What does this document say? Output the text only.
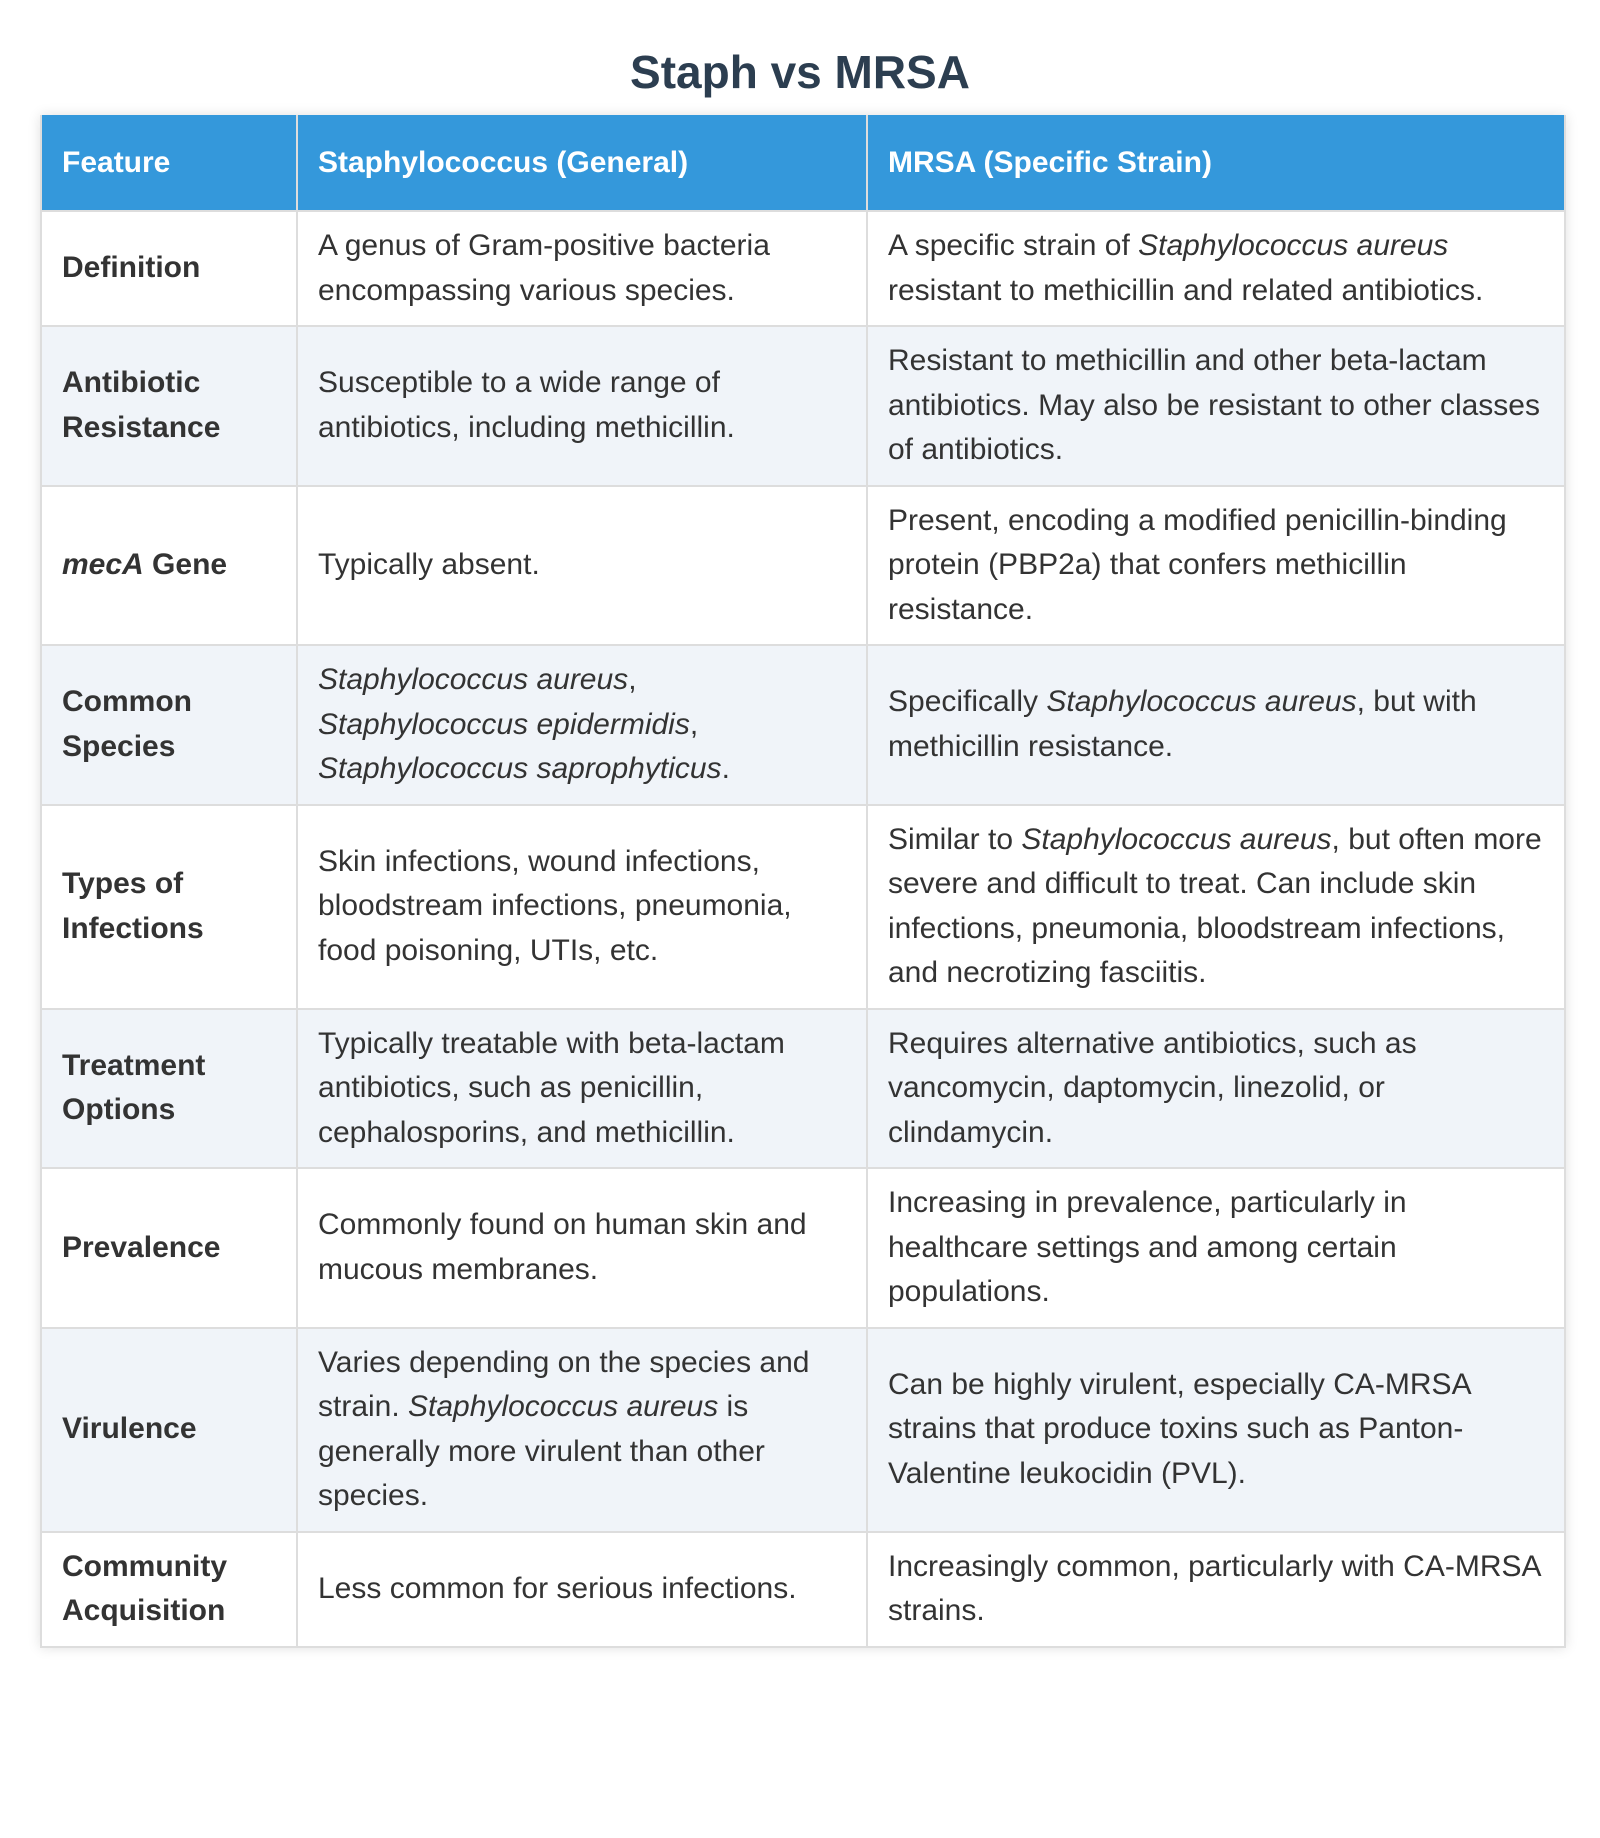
Staph vs MRSA
Feature	Staphylococcus (General)	MRSA (Specific Strain)
Definition	A genus of Gram-positive bacteria encompassing various species.	A specific strain of Staphylococcus aureus resistant to methicillin and related antibiotics.
Antibiotic Resistance	Susceptible to a wide range of antibiotics, including methicillin.	Resistant to methicillin and other beta-lactam antibiotics. May also be resistant to other classes of antibiotics.
mecA Gene	Typically absent.	Present, encoding a modified penicillin-binding protein (PBP2a) that confers methicillin resistance.
Common Species	Staphylococcus aureus, Staphylococcus epidermidis, Staphylococcus saprophyticus.	Specifically Staphylococcus aureus, but with methicillin resistance.
Types of Infections	Skin infections, wound infections, bloodstream infections, pneumonia, food poisoning, UTIs, etc.	Similar to Staphylococcus aureus, but often more severe and difficult to treat. Can include skin infections, pneumonia, bloodstream infections, and necrotizing fasciitis.
Treatment Options	Typically treatable with beta-lactam antibiotics, such as penicillin, cephalosporins, and methicillin.	Requires alternative antibiotics, such as vancomycin, daptomycin, linezolid, or clindamycin.
Prevalence	Commonly found on human skin and mucous membranes.	Increasing in prevalence, particularly in healthcare settings and among certain populations.
Virulence	Varies depending on the species and strain. Staphylococcus aureus is generally more virulent than other species.	Can be highly virulent, especially CA-MRSA strains that produce toxins such as Panton-Valentine leukocidin (PVL).
Community Acquisition	Less common for serious infections.	Increasingly common, particularly with CA-MRSA strains.
